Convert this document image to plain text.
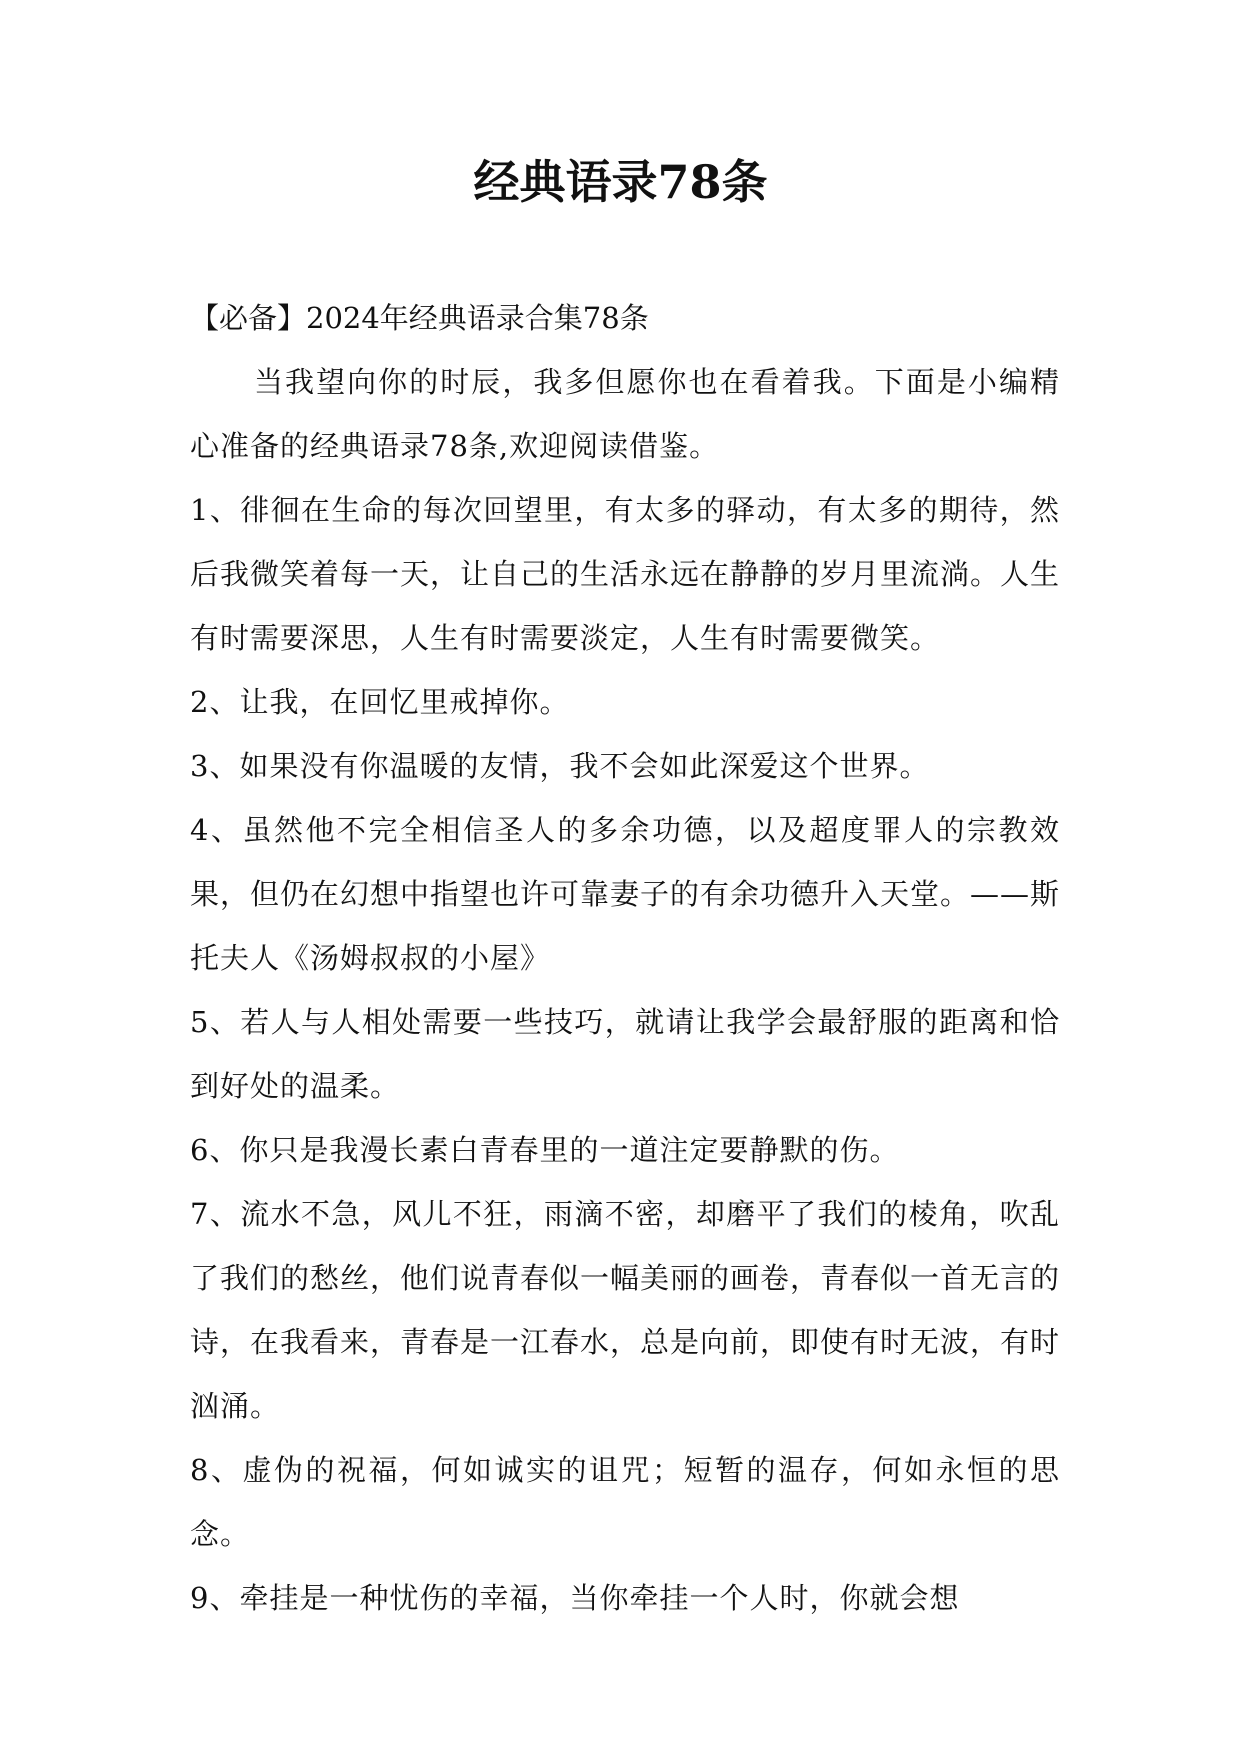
经典语录78条

【必备】2024年经典语录合集78条

当我望向你的时辰，我多但愿你也在看着我。下面是小编精心准备的经典语录78条,欢迎阅读借鉴。

1、徘徊在生命的每次回望里，有太多的驿动，有太多的期待，然后我微笑着每一天，让自己的生活永远在静静的岁月里流淌。人生有时需要深思，人生有时需要淡定，人生有时需要微笑。

2、让我，在回忆里戒掉你。

3、如果没有你温暖的友情，我不会如此深爱这个世界。

4、虽然他不完全相信圣人的多余功德，以及超度罪人的宗教效果，但仍在幻想中指望也许可靠妻子的有余功德升入天堂。——斯托夫人《汤姆叔叔的小屋》

5、若人与人相处需要一些技巧，就请让我学会最舒服的距离和恰到好处的温柔。

6、你只是我漫长素白青春里的一道注定要静默的伤。

7、流水不急，风儿不狂，雨滴不密，却磨平了我们的棱角，吹乱了我们的愁丝，他们说青春似一幅美丽的画卷，青春似一首无言的诗，在我看来，青春是一江春水，总是向前，即使有时无波，有时汹涌。

8、虚伪的祝福，何如诚实的诅咒；短暂的温存，何如永恒的思念。

9、牵挂是一种忧伤的幸福，当你牵挂一个人时，你就会想
